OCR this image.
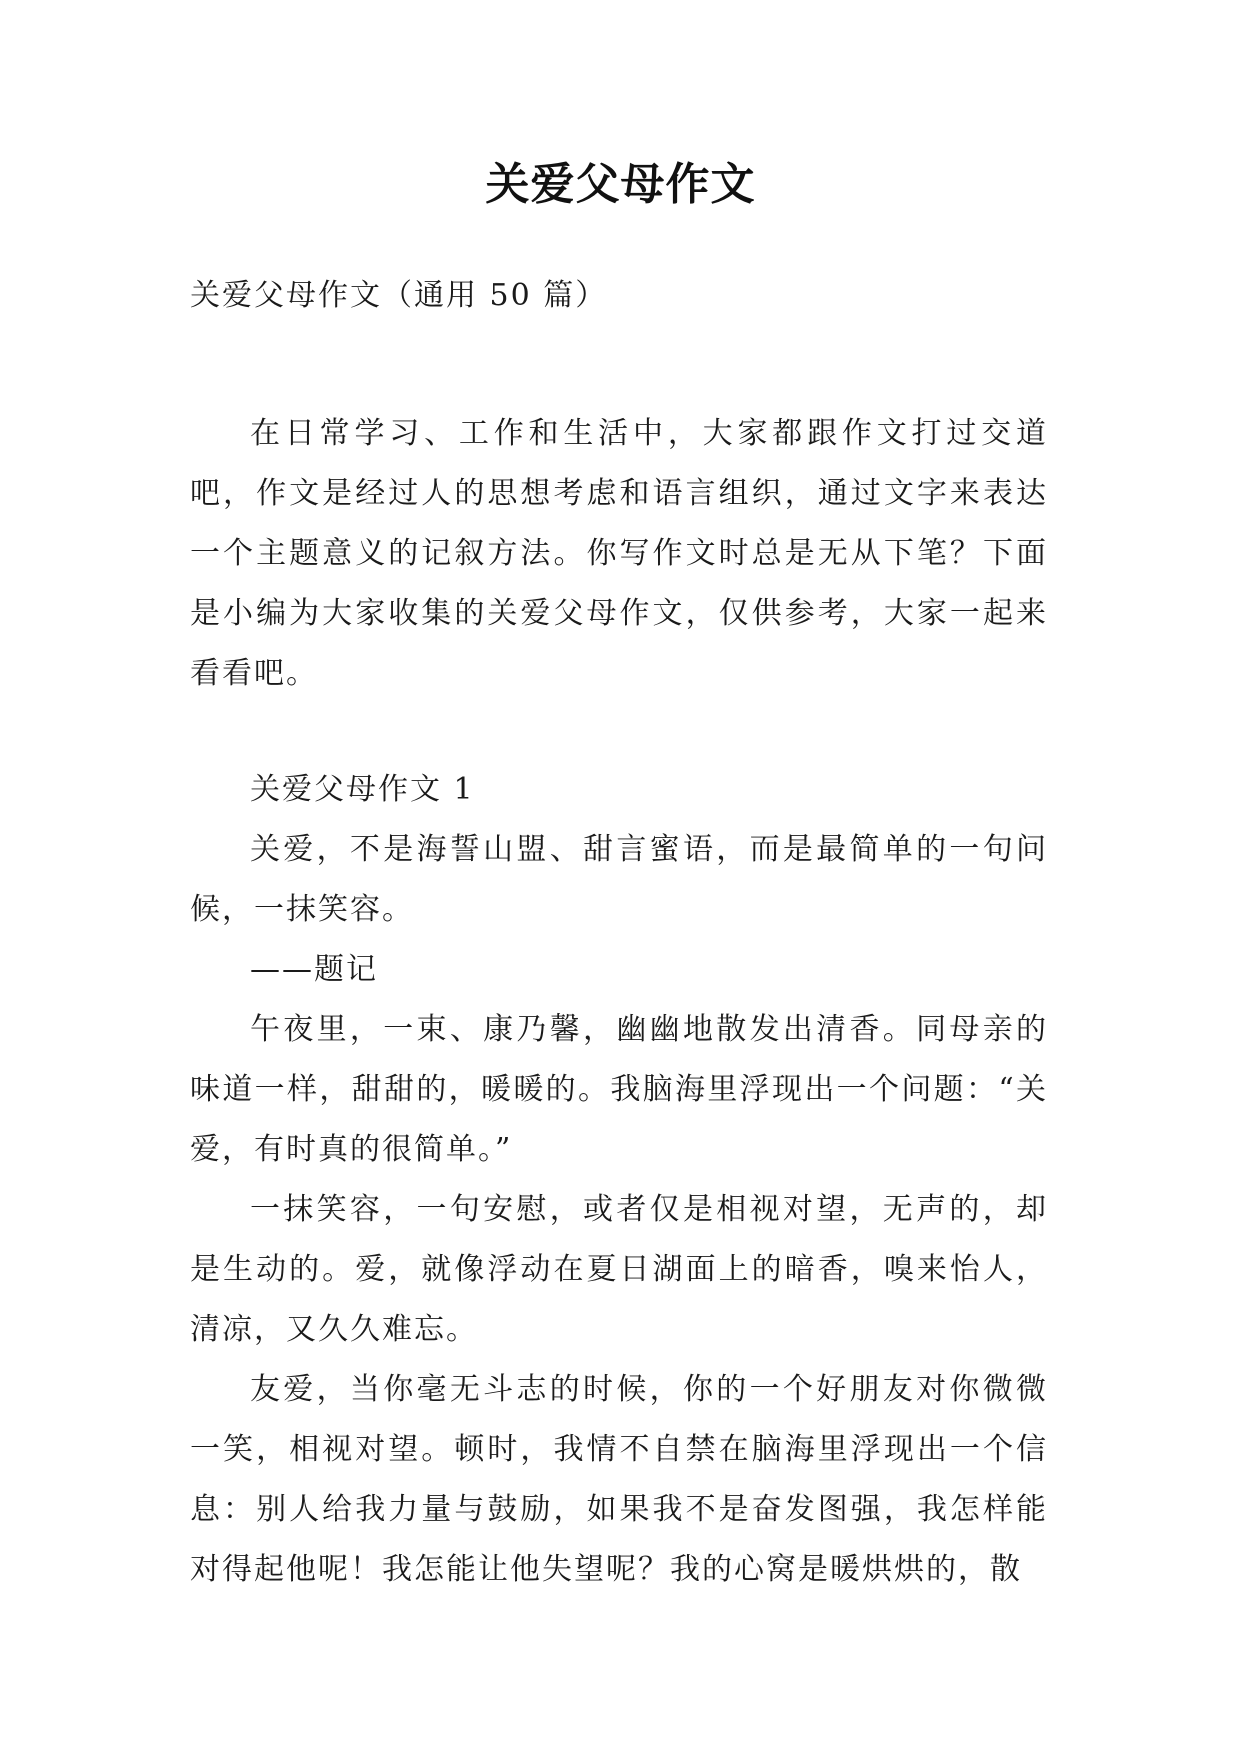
关爱父母作文
关爱父母作文（通用 50 篇）

在日常学习、工作和生活中，大家都跟作文打过交道吧，作文是经过人的思想考虑和语言组织，通过文字来表达一个主题意义的记叙方法。你写作文时总是无从下笔？下面是小编为大家收集的关爱父母作文，仅供参考，大家一起来看看吧。

关爱父母作文 1

关爱，不是海誓山盟、甜言蜜语，而是最简单的一句问候，一抹笑容。

——题记

午夜里，一束、康乃馨，幽幽地散发出清香。同母亲的味道一样，甜甜的，暖暖的。我脑海里浮现出一个问题：“关爱，有时真的很简单。”

一抹笑容，一句安慰，或者仅是相视对望，无声的，却是生动的。爱，就像浮动在夏日湖面上的暗香，嗅来怡人，清凉，又久久难忘。

友爱，当你毫无斗志的时候，你的一个好朋友对你微微一笑，相视对望。顿时，我情不自禁在脑海里浮现出一个信息：别人给我力量与鼓励，如果我不是奋发图强，我怎样能对得起他呢！我怎能让他失望呢？我的心窝是暖烘烘的，散
